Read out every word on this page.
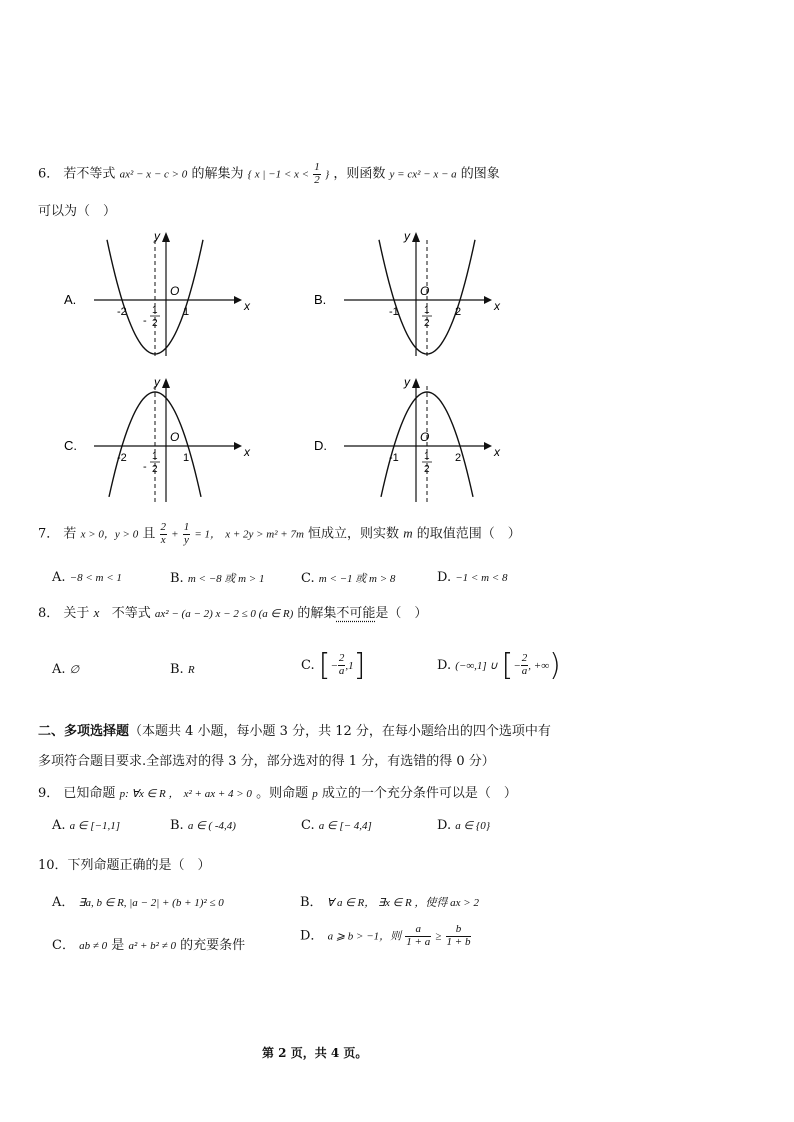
6． 若不等式 ax² − x − c > 0 的解集为 { x | $-1 < x < \frac{1}{2}$ } ，则函数 y = cx² − x − a 的图象
可以为（　）
A.	x
y
O
-2	1
-
1
2
B.	x
y
O
-1	2
1
2
C.	x
y
O
-2	1
-
1
2
D.	x
y
O
-1	2
1
2
7． 若 x > 0，y > 0 且 $\frac{2}{x} + \frac{1}{y} = 1$， x + 2y > m² + 7m 恒成立，则实数 m 的取值范围（　）
A. −8 < m < 1	B. m < −8 或 m > 1	C. m < −1 或 m > 8	D. −1 < m < 8
8． 关于 x 不等式 ax² − (a − 2) x − 2 ≤ 0 (a ∈ R) 的解集不可能是（　）
A. ∅	B. R	C. [− $\frac{2}{a} ,1$]	D. (−∞,1] ∪ [− $\frac{2}{a}$ , +∞)
二、多项选择题（本题共 4 小题，每小题 3 分，共 12 分，在每小题给出的四个选项中有
多项符合题目要求.全部选对的得 3 分，部分选对的得 1 分，有选错的得 0 分）
9． 已知命题 p: ∀x ∈ R ， x² + ax + 4 > 0 。则命题 p 成立的一个充分条件可以是（　）
A. a ∈ [−1,1]	B. a ∈ ( -4,4)	C. a ∈ [− 4,4]	D. a ∈ {0}
10．下列命题正确的是（　）
A． ∃a, b ∈ R, |a − 2| + (b + 1)² ≤ 0	B． ∀ a ∈ R， ∃x ∈ R ，使得 ax > 2
C． ab ≠ 0 是 a² + b² ≠ 0 的充要条件
D． a ⩾ b > −1，则 $\frac{a}{1 + a} \ge \frac{b}{1 + b}$
第 2 页，共 4 页。
